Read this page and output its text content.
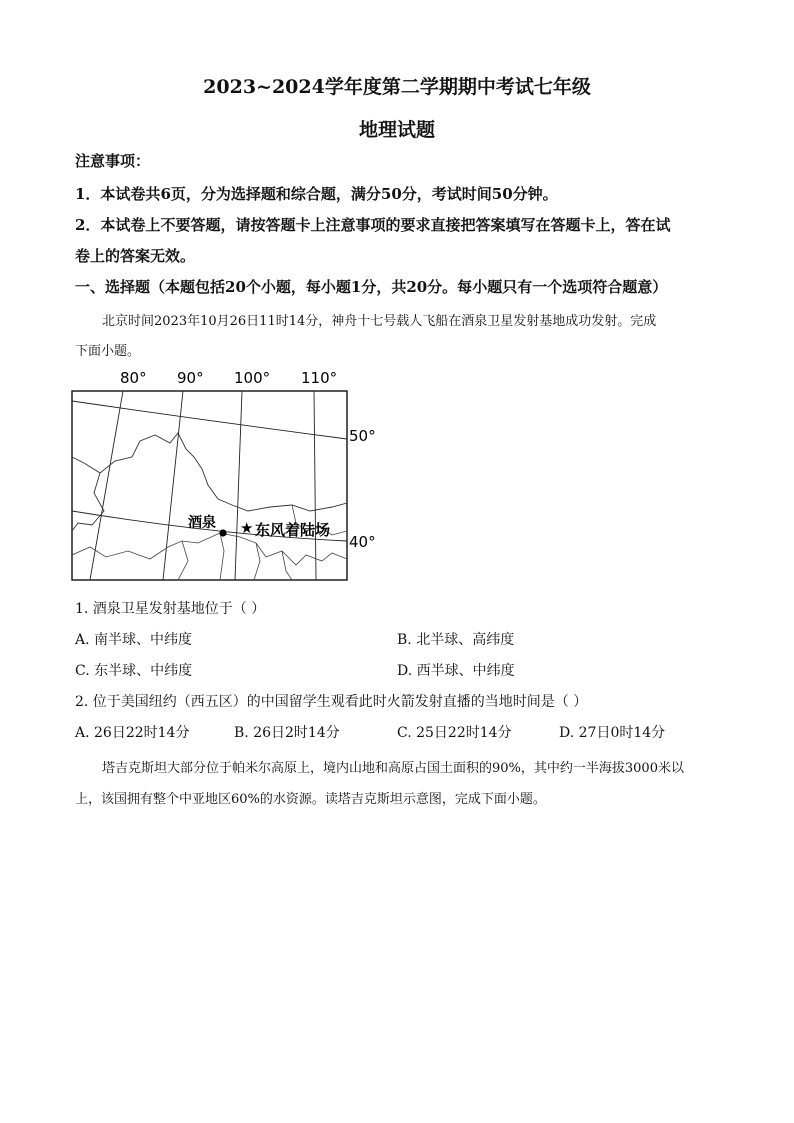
2023~2024学年度第二学期期中考试七年级
地理试题
注意事项：
1．本试卷共6页，分为选择题和综合题，满分50分，考试时间50分钟。
2．本试卷上不要答题，请按答题卡上注意事项的要求直接把答案填写在答题卡上，答在试
卷上的答案无效。
一、选择题（本题包括20个小题，每小题1分，共20分。每小题只有一个选项符合题意）
北京时间2023年10月26日11时14分，神舟十七号载人飞船在酒泉卫星发射基地成功发射。完成
下面小题。
80° 90° 100° 110°
50°
40°
酒泉 ★ 东风着陆场
1. 酒泉卫星发射基地位于（ ）
A. 南半球、中纬度	B. 北半球、高纬度
C. 东半球、中纬度	D. 西半球、中纬度
2. 位于美国纽约（西五区）的中国留学生观看此时火箭发射直播的当地时间是（ ）
A. 26日22时14分	B. 26日2时14分	C. 25日22时14分	D. 27日0时14分
塔吉克斯坦大部分位于帕米尔高原上，境内山地和高原占国土面积的90%，其中约一半海拔3000米以
上，该国拥有整个中亚地区60%的水资源。读塔吉克斯坦示意图，完成下面小题。
